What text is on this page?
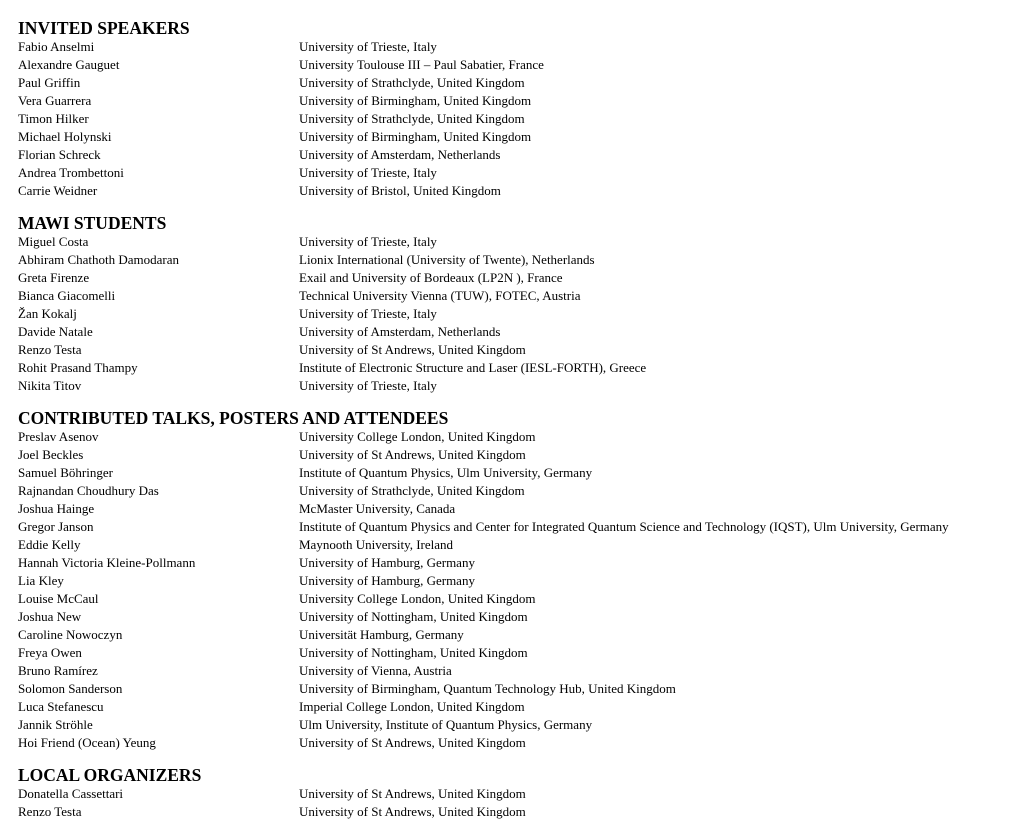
INVITED SPEAKERS
Fabio Anselmi	University of Trieste, Italy
Alexandre Gauguet	University Toulouse III – Paul Sabatier, France
Paul Griffin	University of Strathclyde, United Kingdom
Vera Guarrera	University of Birmingham, United Kingdom
Timon Hilker	University of Strathclyde, United Kingdom
Michael Holynski	University of Birmingham, United Kingdom
Florian Schreck	University of Amsterdam, Netherlands
Andrea Trombettoni	University of Trieste, Italy
Carrie Weidner	University of Bristol, United Kingdom
MAWI STUDENTS
Miguel Costa	University of Trieste, Italy
Abhiram Chathoth Damodaran	Lionix International (University of Twente), Netherlands
Greta Firenze	Exail and University of Bordeaux (LP2N ), France
Bianca Giacomelli	Technical University Vienna (TUW), FOTEC, Austria
Žan Kokalj	University of Trieste, Italy
Davide Natale	University of Amsterdam, Netherlands
Renzo Testa	University of St Andrews, United Kingdom
Rohit Prasand Thampy	Institute of Electronic Structure and Laser (IESL-FORTH), Greece
Nikita Titov	University of Trieste, Italy
CONTRIBUTED TALKS, POSTERS AND ATTENDEES
Preslav Asenov	University College London, United Kingdom
Joel Beckles	University of St Andrews, United Kingdom
Samuel Böhringer	Institute of Quantum Physics, Ulm University, Germany
Rajnandan Choudhury Das	University of Strathclyde, United Kingdom
Joshua Hainge	McMaster University, Canada
Gregor Janson	Institute of Quantum Physics and Center for Integrated Quantum Science and Technology (IQST), Ulm University, Germany
Eddie Kelly	Maynooth University, Ireland
Hannah Victoria Kleine-Pollmann	University of Hamburg, Germany
Lia Kley	University of Hamburg, Germany
Louise McCaul	University College London, United Kingdom
Joshua New	University of Nottingham, United Kingdom
Caroline Nowoczyn	Universität Hamburg, Germany
Freya Owen	University of Nottingham, United Kingdom
Bruno Ramírez	University of Vienna, Austria
Solomon Sanderson	University of Birmingham, Quantum Technology Hub, United Kingdom
Luca Stefanescu	Imperial College London, United Kingdom
Jannik Ströhle	Ulm University, Institute of Quantum Physics, Germany
Hoi Friend (Ocean) Yeung	University of St Andrews, United Kingdom
LOCAL ORGANIZERS
Donatella Cassettari	University of St Andrews, United Kingdom
Renzo Testa	University of St Andrews, United Kingdom
